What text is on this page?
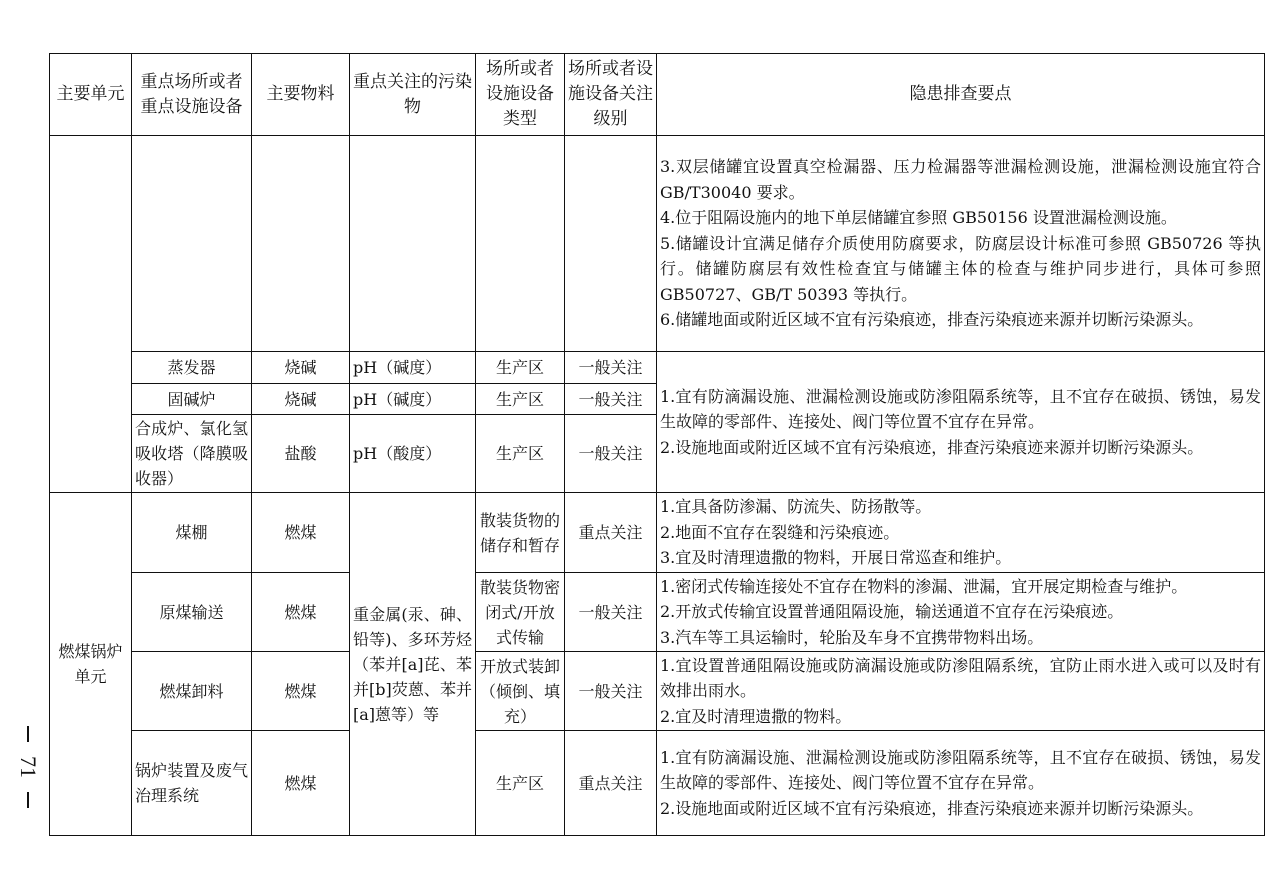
71
主要单元	重点场所或者重点设施设备	主要物料	重点关注的污染物	场所或者设施设备类型	场所或者设施设备关注级别	隐患排查要点

						3.双层储罐宜设置真空检漏器、压力检漏器等泄漏检测设施，泄漏检测设施宜符合 GB/T30040 要求。
4.位于阻隔设施内的地下单层储罐宜参照 GB50156 设置泄漏检测设施。
5.储罐设计宜满足储存介质使用防腐要求，防腐层设计标准可参照 GB50726 等执行。储罐防腐层有效性检查宜与储罐主体的检查与维护同步进行，具体可参照 GB50727、GB/T 50393 等执行。
6.储罐地面或附近区域不宜有污染痕迹，排查污染痕迹来源并切断污染源头。

	蒸发器	烧碱	pH（碱度）	生产区	一般关注	1.宜有防滴漏设施、泄漏检测设施或防渗阻隔系统等，且不宜存在破损、锈蚀，易发生故障的零部件、连接处、阀门等位置不宜存在异常。
2.设施地面或附近区域不宜有污染痕迹，排查污染痕迹来源并切断污染源头。

	固碱炉	烧碱	pH（碱度）	生产区	一般关注	
	合成炉、氯化氢吸收塔（降膜吸收器）	盐酸	pH（酸度）	生产区	一般关注	
燃煤锅炉单元	煤棚	燃煤	重金属(汞、砷、铅等)、多环芳烃（苯并[a]芘、苯并[b]荧蒽、苯并[a]蒽等）等	散装货物的储存和暂存	重点关注	1.宜具备防渗漏、防流失、防扬散等。
2.地面不宜存在裂缝和污染痕迹。
3.宜及时清理遗撒的物料，开展日常巡查和维护。

	原煤输送	燃煤		散装货物密闭式/开放式传输	一般关注	1.密闭式传输连接处不宜存在物料的渗漏、泄漏，宜开展定期检查与维护。
2.开放式传输宜设置普通阻隔设施，输送通道不宜存在污染痕迹。
3.汽车等工具运输时，轮胎及车身不宜携带物料出场。

	燃煤卸料	燃煤		开放式装卸（倾倒、填充）	一般关注	1.宜设置普通阻隔设施或防滴漏设施或防渗阻隔系统，宜防止雨水进入或可以及时有效排出雨水。
2.宜及时清理遗撒的物料。

	锅炉装置及废气治理系统	燃煤		生产区	重点关注	1.宜有防滴漏设施、泄漏检测设施或防渗阻隔系统等，且不宜存在破损、锈蚀，易发生故障的零部件、连接处、阀门等位置不宜存在异常。
2.设施地面或附近区域不宜有污染痕迹，排查污染痕迹来源并切断污染源头。
